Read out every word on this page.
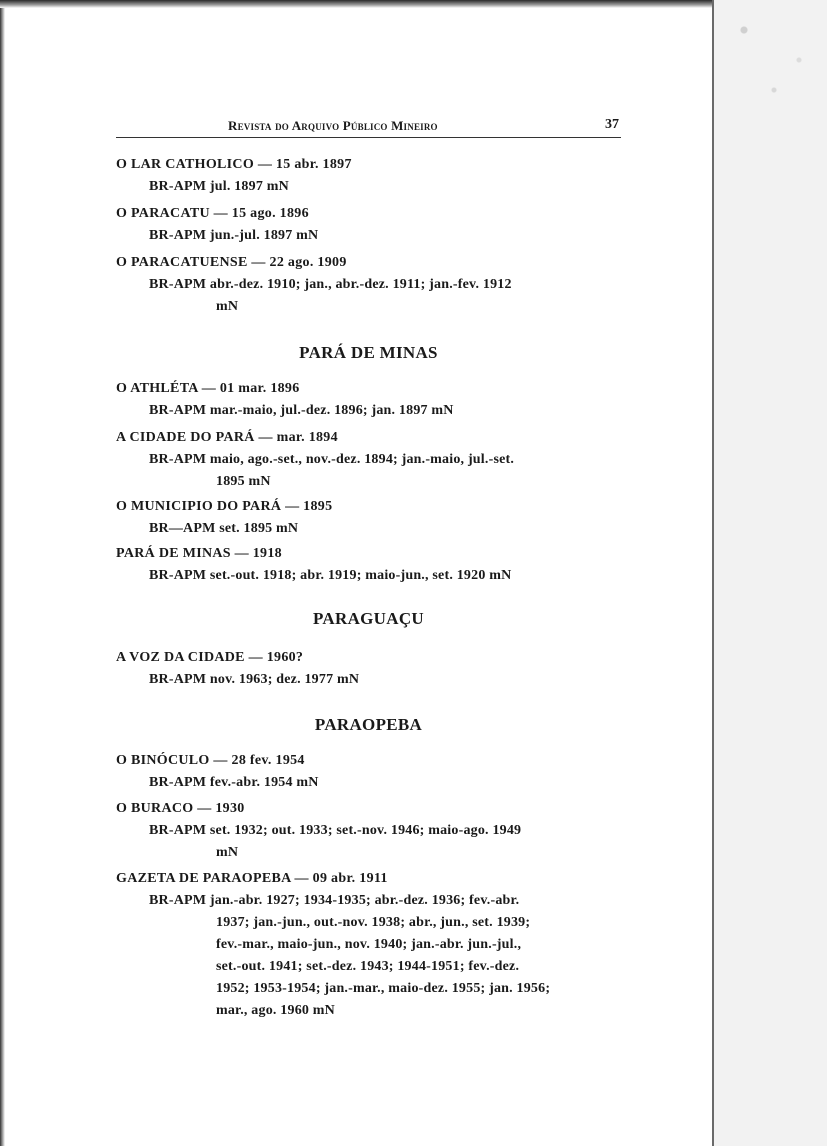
Revista do Arquivo Público Mineiro	37
O LAR CATHOLICO — 15 abr. 1897
BR-APM jul. 1897 mN
O PARACATU — 15 ago. 1896
BR-APM jun.-jul. 1897 mN
O PARACATUENSE — 22 ago. 1909
BR-APM abr.-dez. 1910; jan., abr.-dez. 1911; jan.-fev. 1912
mN
PARÁ DE MINAS
O ATHLÉTA — 01 mar. 1896
BR-APM mar.-maio, jul.-dez. 1896; jan. 1897 mN
A CIDADE DO PARÁ — mar. 1894
BR-APM maio, ago.-set., nov.-dez. 1894; jan.-maio, jul.-set.
1895 mN
O MUNICIPIO DO PARÁ — 1895
BR—APM set. 1895 mN
PARÁ DE MINAS — 1918
BR-APM set.-out. 1918; abr. 1919; maio-jun., set. 1920 mN
PARAGUAÇU
A VOZ DA CIDADE — 1960?
BR-APM nov. 1963; dez. 1977 mN
PARAOPEBA
O BINÓCULO — 28 fev. 1954
BR-APM fev.-abr. 1954 mN
O BURACO — 1930
BR-APM set. 1932; out. 1933; set.-nov. 1946; maio-ago. 1949
mN
GAZETA DE PARAOPEBA — 09 abr. 1911
BR-APM jan.-abr. 1927; 1934-1935; abr.-dez. 1936; fev.-abr.
1937; jan.-jun., out.-nov. 1938; abr., jun., set. 1939;
fev.-mar., maio-jun., nov. 1940; jan.-abr. jun.-jul.,
set.-out. 1941; set.-dez. 1943; 1944-1951; fev.-dez.
1952; 1953-1954; jan.-mar., maio-dez. 1955; jan. 1956;
mar., ago. 1960 mN
